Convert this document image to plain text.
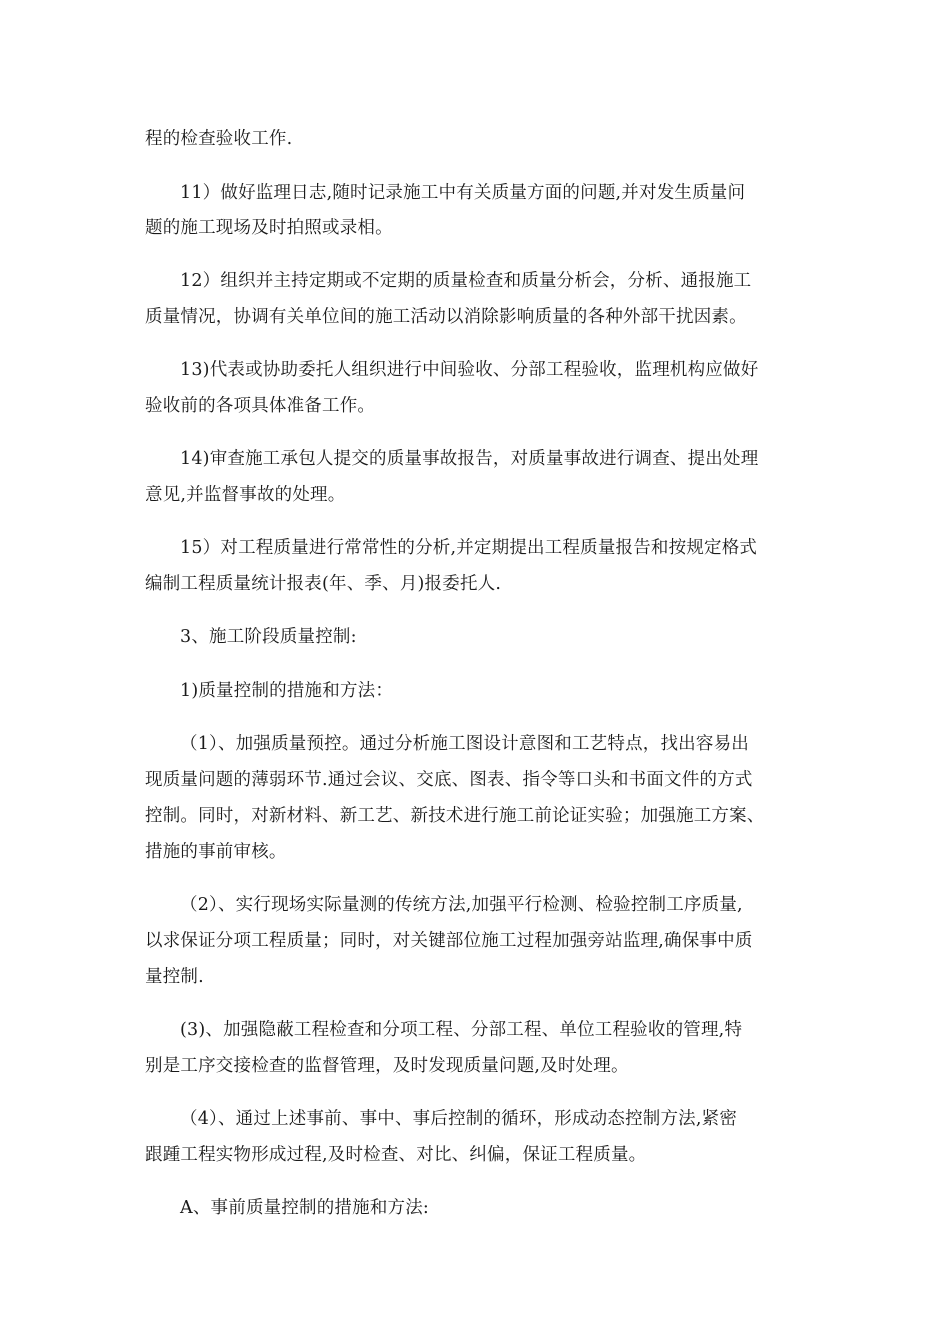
程的检查验收工作.
11）做好监理日志,随时记录施工中有关质量方面的问题,并对发生质量问
题的施工现场及时拍照或录相。
12）组织并主持定期或不定期的质量检查和质量分析会，分析、通报施工
质量情况，协调有关单位间的施工活动以消除影响质量的各种外部干扰因素。
13)代表或协助委托人组织进行中间验收、分部工程验收，监理机构应做好
验收前的各项具体准备工作。
14)审查施工承包人提交的质量事故报告，对质量事故进行调查、提出处理
意见,并监督事故的处理。
15）对工程质量进行常常性的分析,并定期提出工程质量报告和按规定格式
编制工程质量统计报表(年、季、月)报委托人.
3、施工阶段质量控制:
1)质量控制的措施和方法：
（1）、加强质量预控。通过分析施工图设计意图和工艺特点，找出容易出
现质量问题的薄弱环节.通过会议、交底、图表、指令等口头和书面文件的方式
控制。同时，对新材料、新工艺、新技术进行施工前论证实验；加强施工方案、
措施的事前审核。
（2）、实行现场实际量测的传统方法,加强平行检测、检验控制工序质量,
以求保证分项工程质量；同时，对关键部位施工过程加强旁站监理,确保事中质
量控制.
(3)、加强隐蔽工程检查和分项工程、分部工程、单位工程验收的管理,特
别是工序交接检查的监督管理，及时发现质量问题,及时处理。
（4）、通过上述事前、事中、事后控制的循环，形成动态控制方法,紧密
跟踵工程实物形成过程,及时检查、对比、纠偏，保证工程质量。
A、事前质量控制的措施和方法:
